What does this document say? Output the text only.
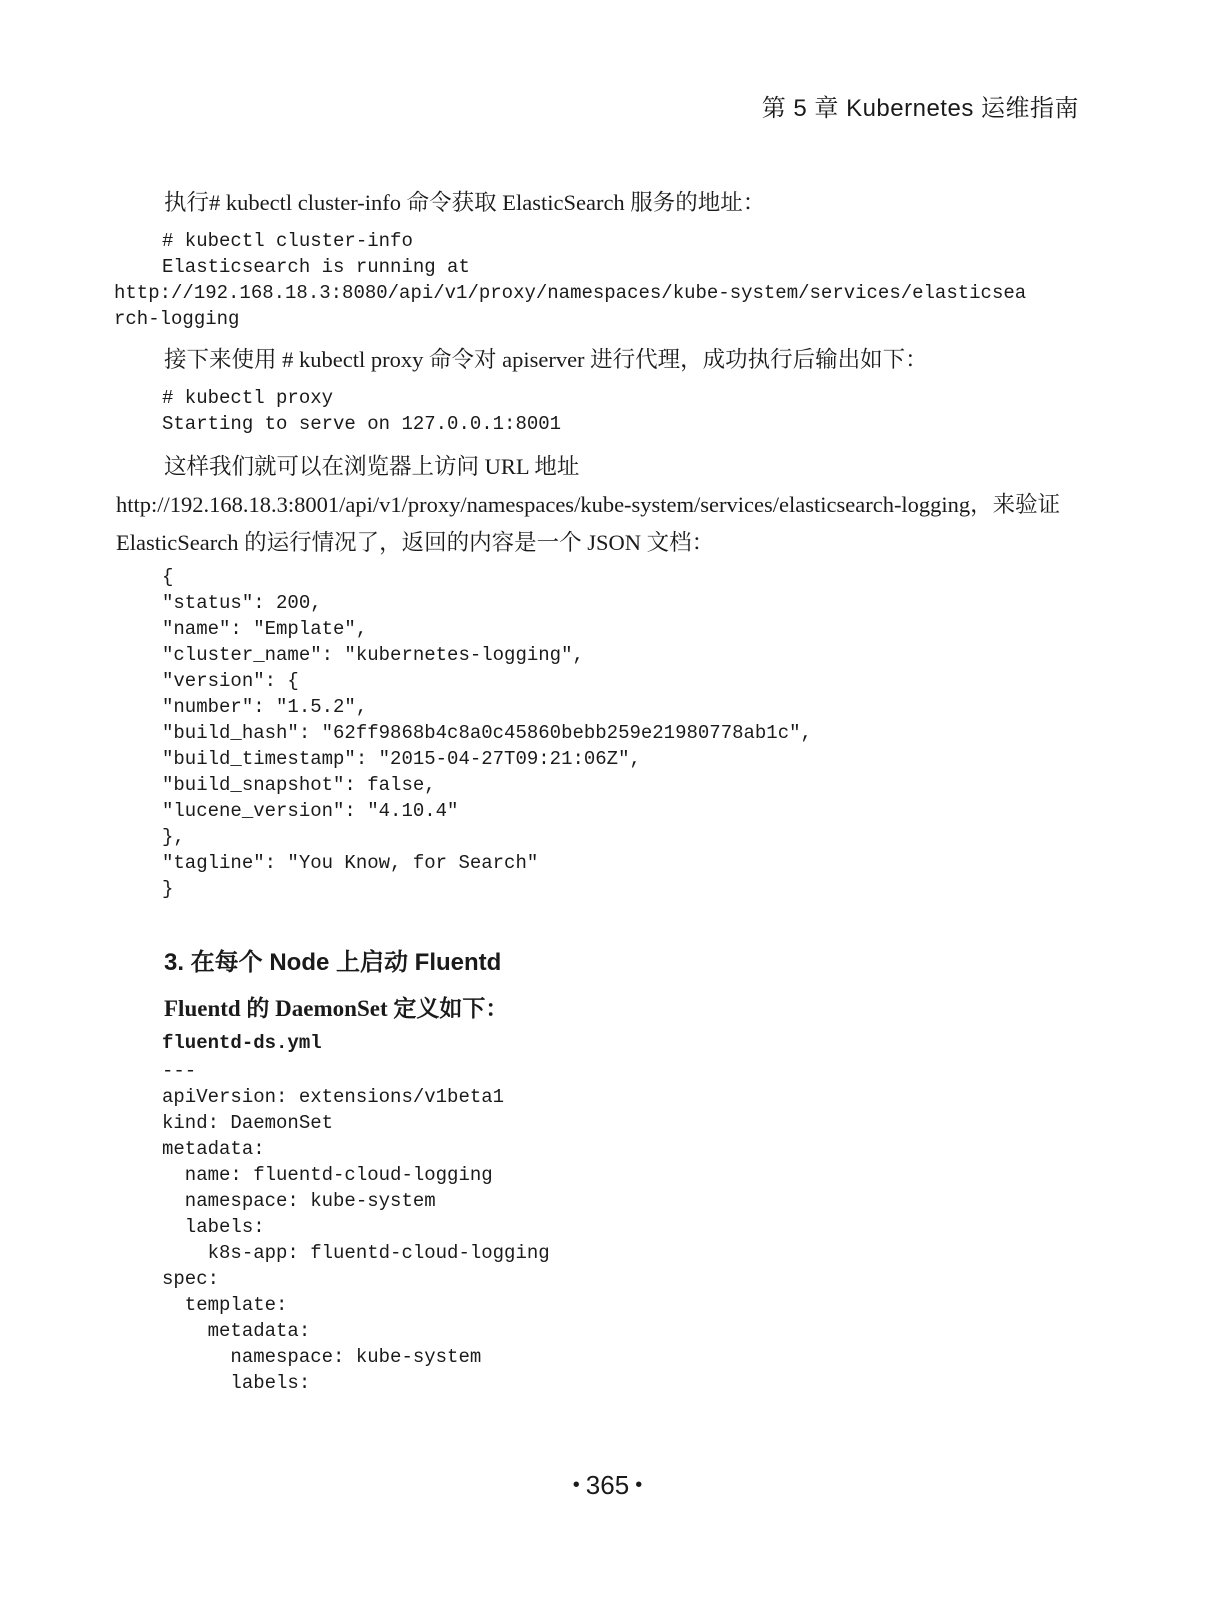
第 5 章 Kubernetes 运维指南

执行# kubectl cluster-info 命令获取 ElasticSearch 服务的地址：

# kubectl cluster-info
Elasticsearch is running at
http://192.168.18.3:8080/api/v1/proxy/namespaces/kube-system/services/elasticsea
rch-logging

接下来使用 # kubectl proxy 命令对 apiserver 进行代理，成功执行后输出如下：

# kubectl proxy
Starting to serve on 127.0.0.1:8001

这样我们就可以在浏览器上访问 URL 地址 http://192.168.18.3:8001/api/v1/proxy/namespaces/kube-system/services/elasticsearch-logging，来验证 ElasticSearch 的运行情况了，返回的内容是一个 JSON 文档：

{
"status": 200,
"name": "Emplate",
"cluster_name": "kubernetes-logging",
"version": {
"number": "1.5.2",
"build_hash": "62ff9868b4c8a0c45860bebb259e21980778ab1c",
"build_timestamp": "2015-04-27T09:21:06Z",
"build_snapshot": false,
"lucene_version": "4.10.4"
},
"tagline": "You Know, for Search"
}
3. 在每个 Node 上启动 Fluentd
Fluentd 的 DaemonSet 定义如下：
fluentd-ds.yml
---
apiVersion: extensions/v1beta1
kind: DaemonSet
metadata:
name: fluentd-cloud-logging
namespace: kube-system
labels:
k8s-app: fluentd-cloud-logging
spec:
template:
metadata:
namespace: kube-system
labels:
• 365 •
